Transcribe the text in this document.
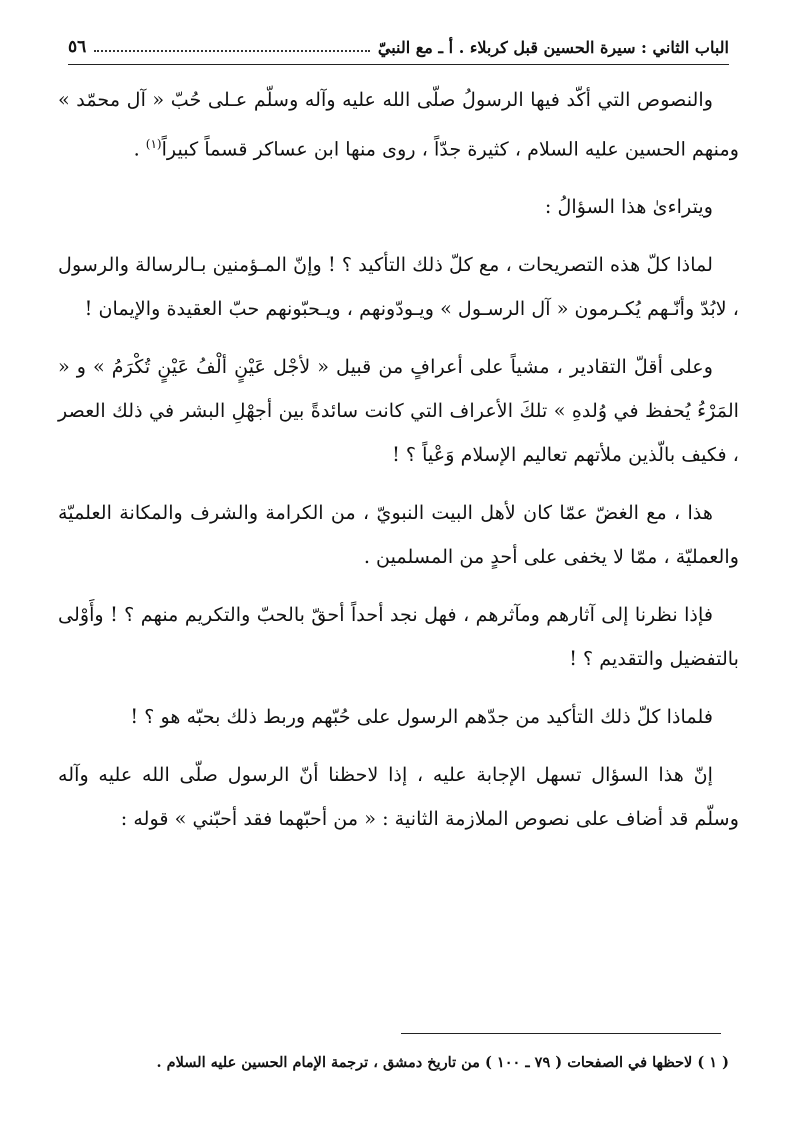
الباب الثاني : سيرة الحسين قبل كربلاء . أ ـ مع النبيّ
٥٦

والنصوص التي أكّد فيها الرسولُ صلّى الله عليه وآله وسلّم عـلى حُبّ « آل محمّد » ومنهم الحسين عليه السلام ، كثيرة جدّاً ، روى منها ابن عساكر قسماً كبيراً$^{(١)}$ .

ويتراءىٰ هذا السؤالُ :

لماذا كلّ هذه التصريحات ، مع كلّ ذلك التأكيد ؟ ! وإنّ المـؤمنين بـالرسالة والرسول ، لابُدّ وأنّـهم يُكـرمون « آل الرسـول » ويـودّونهم ، ويـحبّونهم حبّ العقيدة والإيمان !

وعلى أقلّ التقادير ، مشياً على أعرافٍ من قبيل « لأجْل عَيْنٍ ألْفُ عَيْنٍ تُكْرَمُ » و « المَرْءُ يُحفظ في وُلدهِ » تلكَ الأعراف التي كانت سائدةً بين أجهْلِ البشر في ذلك العصر ، فكيف بالّذين ملأتهم تعاليم الإسلام وَعْياً ؟ !

هذا ، مع الغضّ عمّا كان لأهل البيت النبويّ ، من الكرامة والشرف والمكانة العلميّة والعمليّة ، ممّا لا يخفى على أحدٍ من المسلمين .

فإذا نظرنا إلى آثارهم ومآثرهم ، فهل نجد أحداً أحقّ بالحبّ والتكريم منهم ؟ ! وأَوْلى بالتفضيل والتقديم ؟ !

فلماذا كلّ ذلك التأكيد من جدّهم الرسول على حُبّهم وربط ذلك بحبّه هو ؟ !

إنّ هذا السؤال تسهل الإجابة عليه ، إذا لاحظنا أنّ الرسول صلّى الله عليه وآله وسلّم قد أضاف على نصوص الملازمة الثانية : « من أحبّهما فقد أحبّني » قوله :

( ١ ) لاحظها في الصفحات ( ٧٩ ـ ١٠٠ ) من تاريخ دمشق ، ترجمة الإمام الحسين عليه السلام .
